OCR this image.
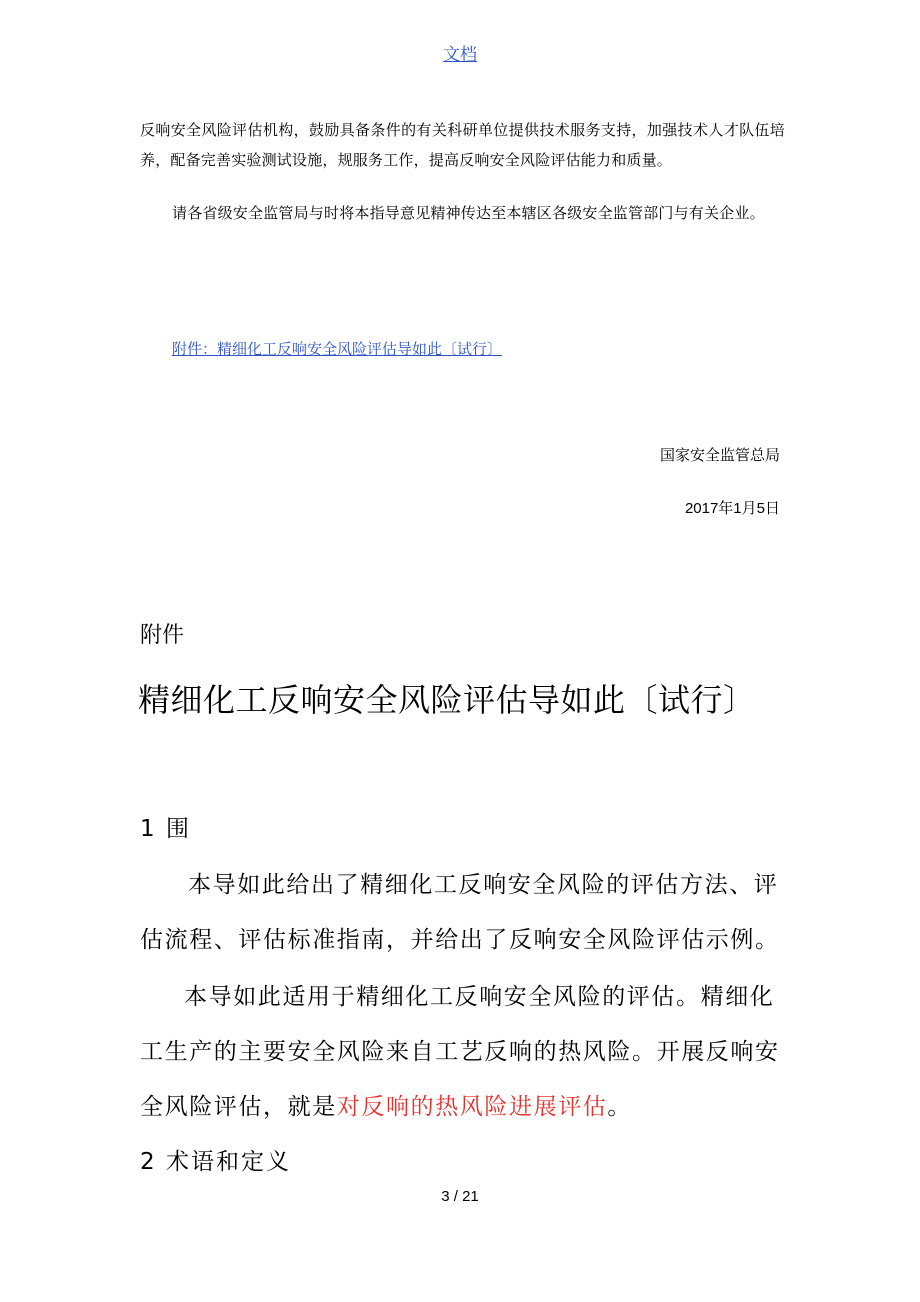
文档
反响安全风险评估机构，鼓励具备条件的有关科研单位提供技术服务支持，加强技术人才队伍培养，配备完善实验测试设施，规服务工作，提高反响安全风险评估能力和质量。
请各省级安全监管局与时将本指导意见精神传达至本辖区各级安全监管部门与有关企业。
附件：精细化工反响安全风险评估导如此〔试行〕
国家安全监管总局
2017年1月5日
附件
精细化工反响安全风险评估导如此〔试行〕
1 围
本导如此给出了精细化工反响安全风险的评估方法、评估流程、评估标准指南，并给出了反响安全风险评估示例。
本导如此适用于精细化工反响安全风险的评估。精细化工生产的主要安全风险来自工艺反响的热风险。开展反响安全风险评估，就是对反响的热风险进展评估。
2 术语和定义
3 / 21
